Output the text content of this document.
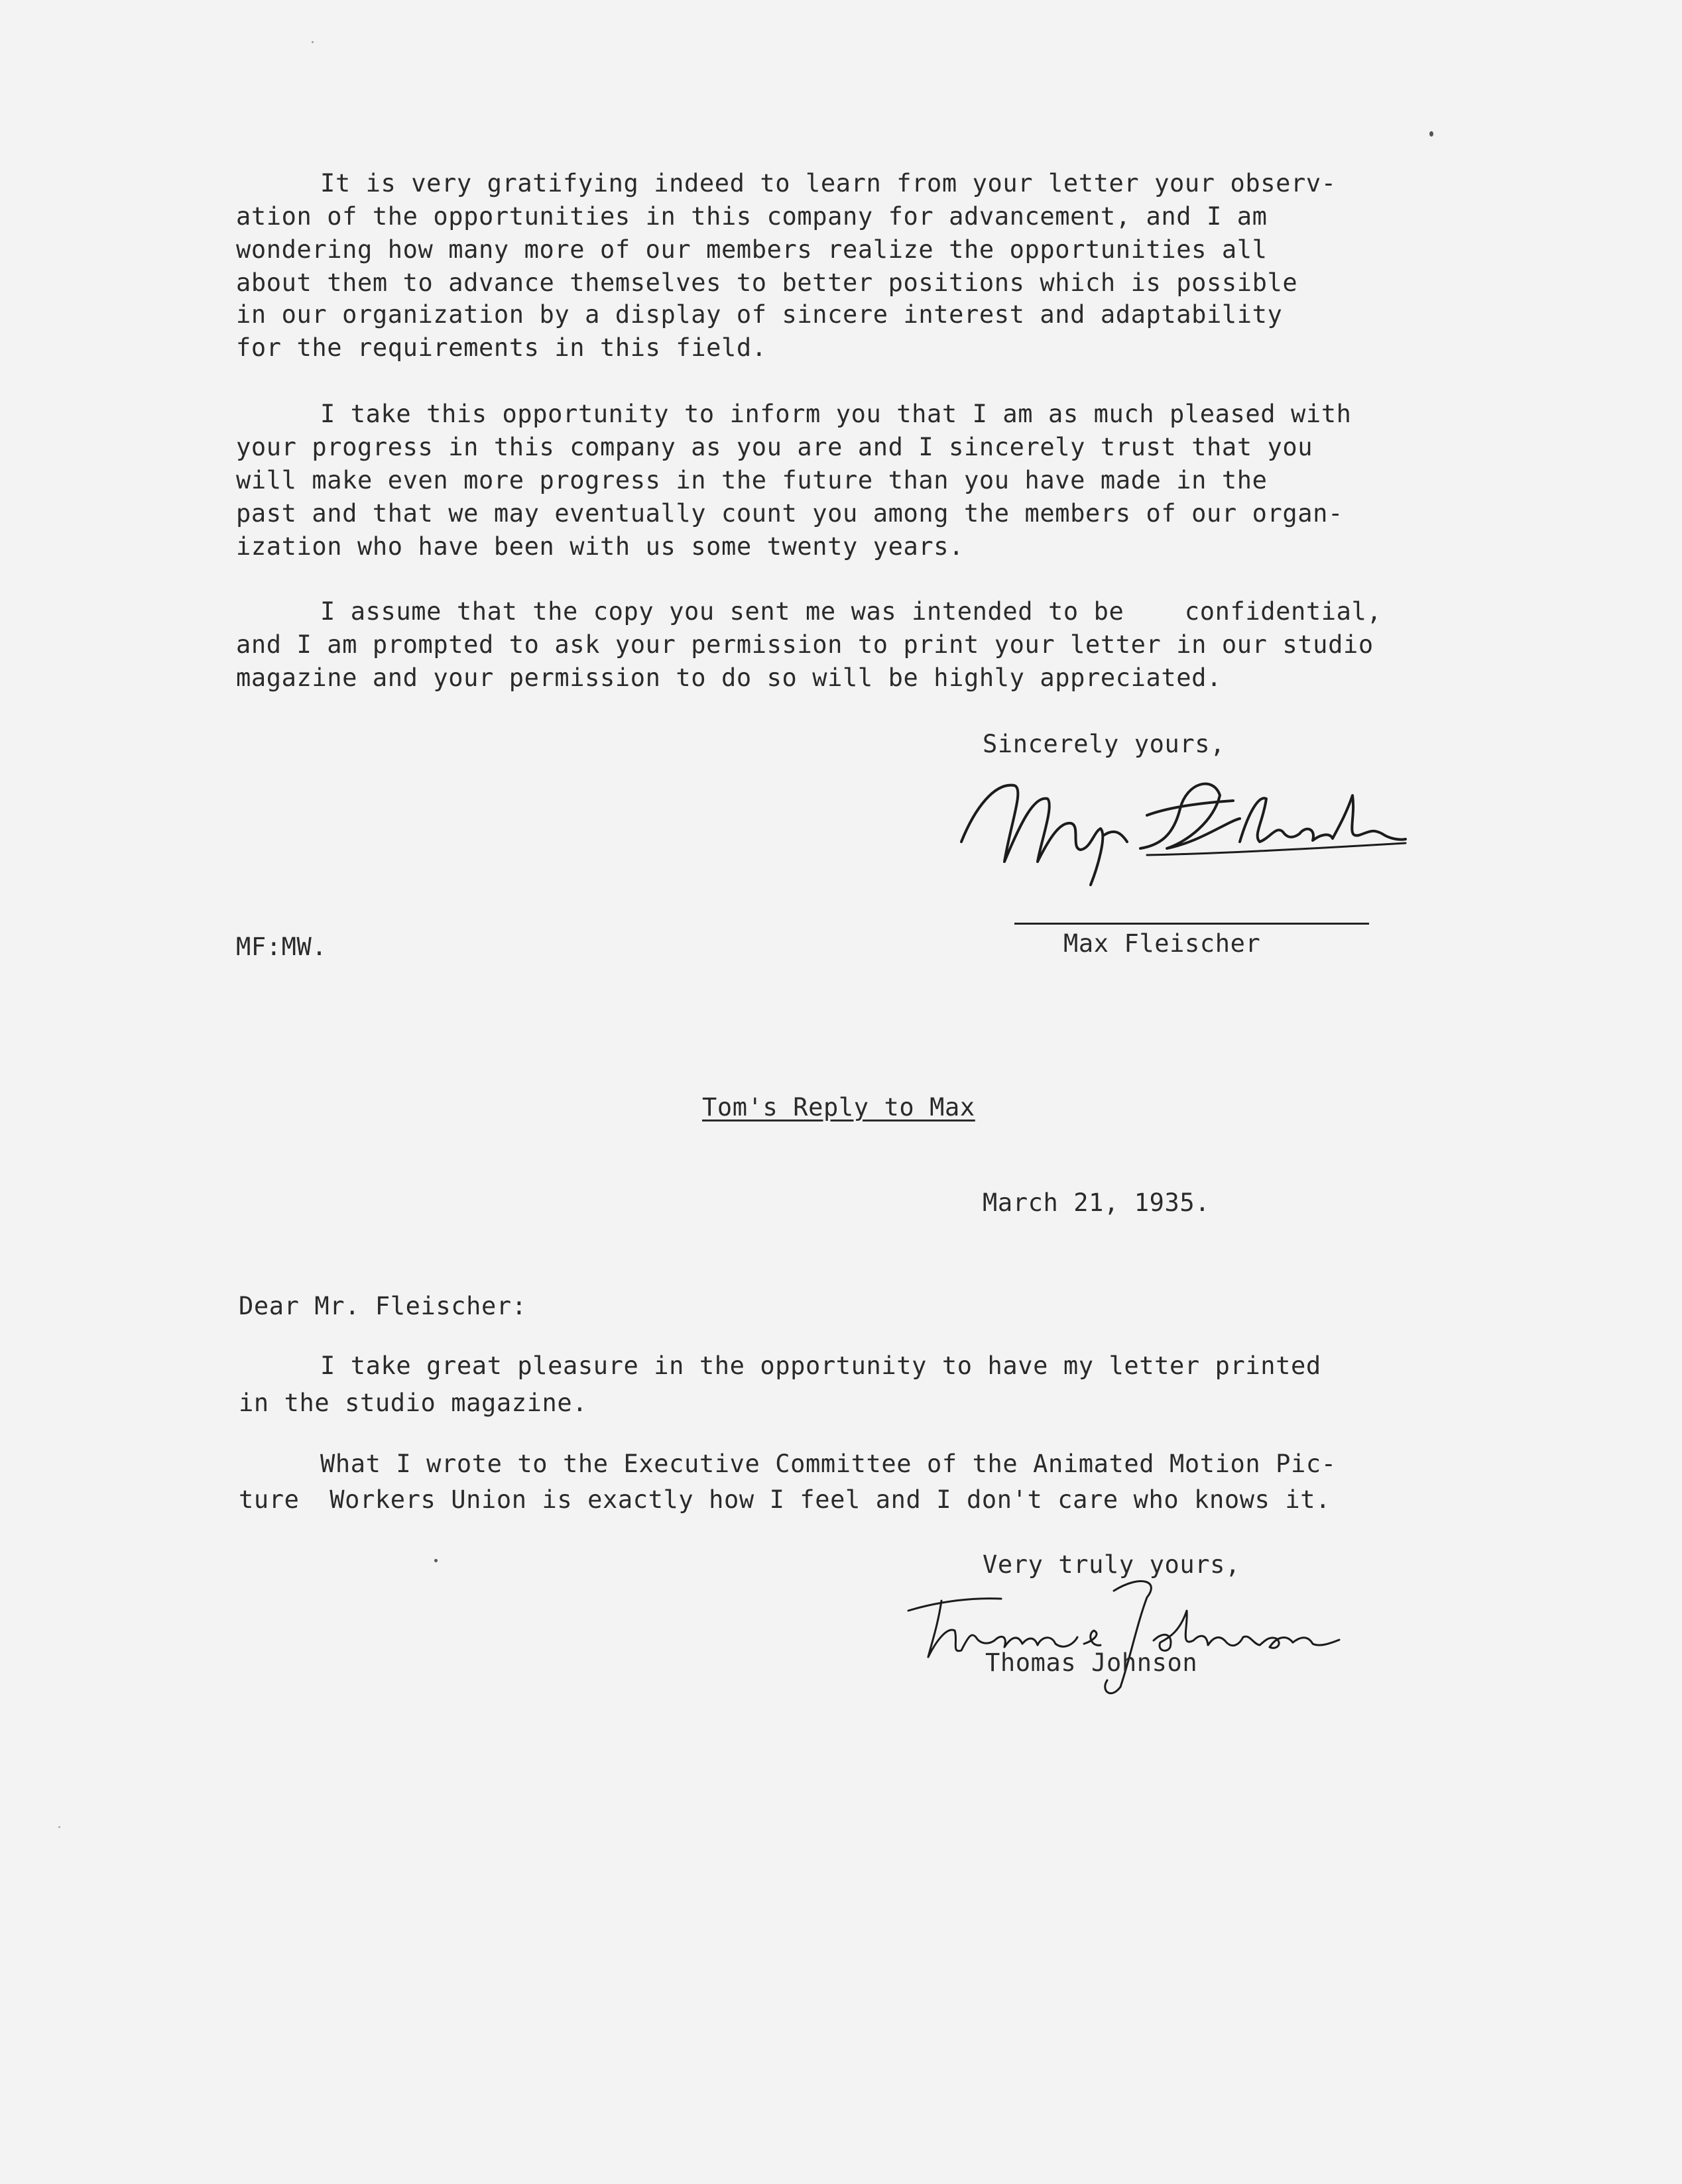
It is very gratifying indeed to learn from your letter your observ-
ation of the opportunities in this company for advancement, and I am
wondering how many more of our members realize the opportunities all
about them to advance themselves to better positions which is possible
in our organization by a display of sincere interest and adaptability
for the requirements in this field.
I take this opportunity to inform you that I am as much pleased with
your progress in this company as you are and I sincerely trust that you
will make even more progress in the future than you have made in the
past and that we may eventually count you among the members of our organ-
ization who have been with us some twenty years.
I assume that the copy you sent me was intended to be    confidential,
and I am prompted to ask your permission to print your letter in our studio
magazine and your permission to do so will be highly appreciated.
Sincerely yours,
MF:MW.	Max Fleischer
Tom's Reply to Max
March 21, 1935.
Dear Mr. Fleischer:
I take great pleasure in the opportunity to have my letter printed
in the studio magazine.
What I wrote to the Executive Committee of the Animated Motion Pic-
ture  Workers Union is exactly how I feel and I don't care who knows it.
Very truly yours,
Thomas Johnson
